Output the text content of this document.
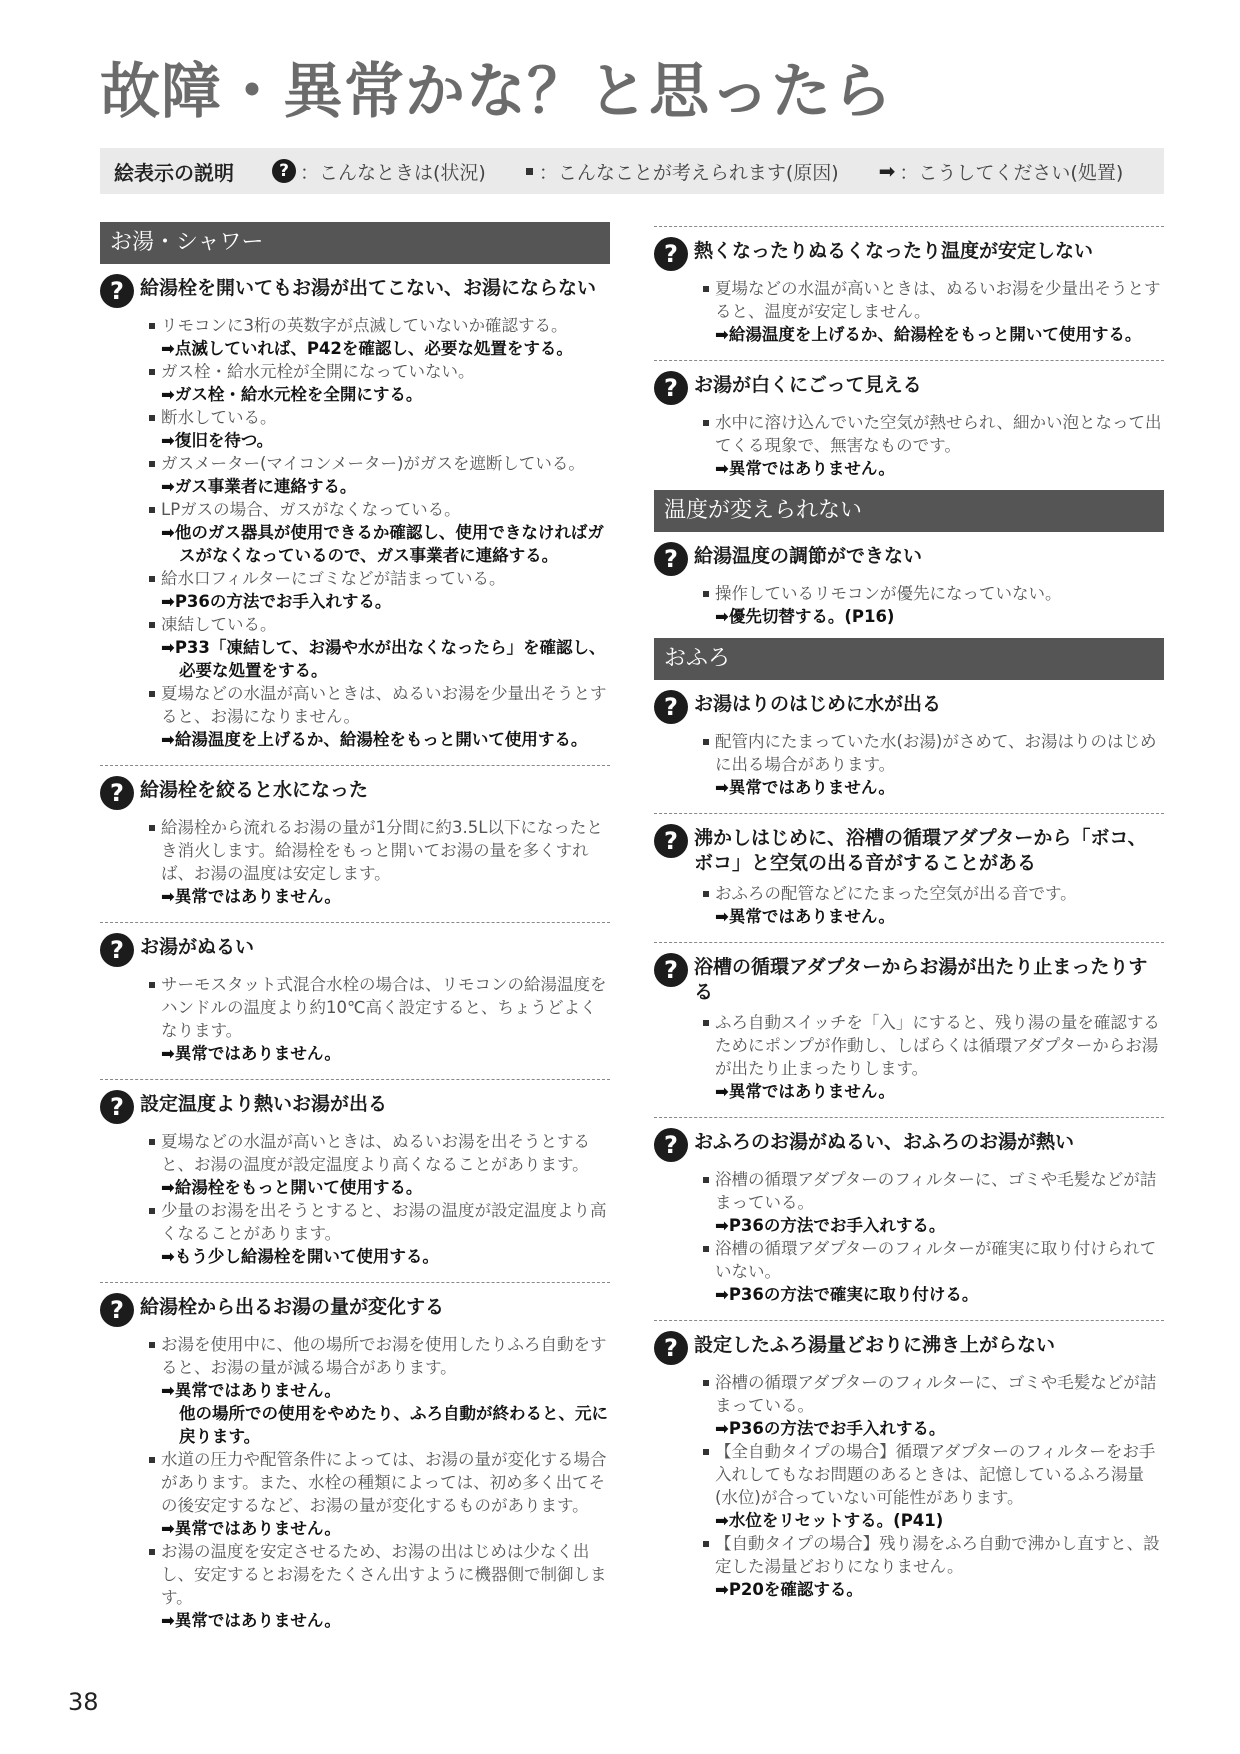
故障・異常かな？と思ったら
絵表示の説明	? ：こんなときは(状況)	：こんなことが考えられます(原因) ➡ ：こうしてください(処置)
お湯・シャワー
? 給湯栓を開いてもお湯が出てこない、お湯にならない
リモコンに3桁の英数字が点滅していないか確認する。
➡点滅していれば、P42を確認し、必要な処置をする。
ガス栓・給水元栓が全開になっていない。
➡ガス栓・給水元栓を全開にする。
断水している。
➡復旧を待つ。
ガスメーター(マイコンメーター)がガスを遮断している。
➡ガス事業者に連絡する。
LPガスの場合、ガスがなくなっている。
➡他のガス器具が使用できるか確認し、使用できなければガスがなくなっているので、ガス事業者に連絡する。
給水口フィルターにゴミなどが詰まっている。
➡P36の方法でお手入れする。
凍結している。
➡P33「凍結して、お湯や水が出なくなったら」を確認し、必要な処置をする。
夏場などの水温が高いときは、ぬるいお湯を少量出そうとすると、お湯になりません。
➡給湯温度を上げるか、給湯栓をもっと開いて使用する。
? 給湯栓を絞ると水になった
給湯栓から流れるお湯の量が1分間に約3.5L以下になったとき消火します。給湯栓をもっと開いてお湯の量を多くすれば、お湯の温度は安定します。
➡異常ではありません。
? お湯がぬるい
サーモスタット式混合水栓の場合は、リモコンの給湯温度をハンドルの温度より約10℃高く設定すると、ちょうどよくなります。
➡異常ではありません。
? 設定温度より熱いお湯が出る
夏場などの水温が高いときは、ぬるいお湯を出そうとすると、お湯の温度が設定温度より高くなることがあります。
➡給湯栓をもっと開いて使用する。
少量のお湯を出そうとすると、お湯の温度が設定温度より高くなることがあります。
➡もう少し給湯栓を開いて使用する。
? 給湯栓から出るお湯の量が変化する
お湯を使用中に、他の場所でお湯を使用したりふろ自動をすると、お湯の量が減る場合があります。
➡異常ではありません。
他の場所での使用をやめたり、ふろ自動が終わると、元に戻ります。
水道の圧力や配管条件によっては、お湯の量が変化する場合があります。また、水栓の種類によっては、初め多く出てその後安定するなど、お湯の量が変化するものがあります。
➡異常ではありません。
お湯の温度を安定させるため、お湯の出はじめは少なく出し、安定するとお湯をたくさん出すように機器側で制御します。
➡異常ではありません。
? 熱くなったりぬるくなったり温度が安定しない
夏場などの水温が高いときは、ぬるいお湯を少量出そうとすると、温度が安定しません。
➡給湯温度を上げるか、給湯栓をもっと開いて使用する。
? お湯が白くにごって見える
水中に溶け込んでいた空気が熱せられ、細かい泡となって出てくる現象で、無害なものです。
➡異常ではありません。
温度が変えられない
? 給湯温度の調節ができない
操作しているリモコンが優先になっていない。
➡優先切替する。(P16)
おふろ
? お湯はりのはじめに水が出る
配管内にたまっていた水(お湯)がさめて、お湯はりのはじめに出る場合があります。
➡異常ではありません。
? 沸かしはじめに、浴槽の循環アダプターから「ボコ、ボコ」と空気の出る音がすることがある
おふろの配管などにたまった空気が出る音です。
➡異常ではありません。
? 浴槽の循環アダプターからお湯が出たり止まったりする
ふろ自動スイッチを「入」にすると、残り湯の量を確認するためにポンプが作動し、しばらくは循環アダプターからお湯が出たり止まったりします。
➡異常ではありません。
? おふろのお湯がぬるい、おふろのお湯が熱い
浴槽の循環アダプターのフィルターに、ゴミや毛髪などが詰まっている。
➡P36の方法でお手入れする。
浴槽の循環アダプターのフィルターが確実に取り付けられていない。
➡P36の方法で確実に取り付ける。
? 設定したふろ湯量どおりに沸き上がらない
浴槽の循環アダプターのフィルターに、ゴミや毛髪などが詰まっている。
➡P36の方法でお手入れする。
【全自動タイプの場合】循環アダプターのフィルターをお手入れしてもなお問題のあるときは、記憶しているふろ湯量(水位)が合っていない可能性があります。
➡水位をリセットする。(P41)
【自動タイプの場合】残り湯をふろ自動で沸かし直すと、設定した湯量どおりになりません。
➡P20を確認する。
38
